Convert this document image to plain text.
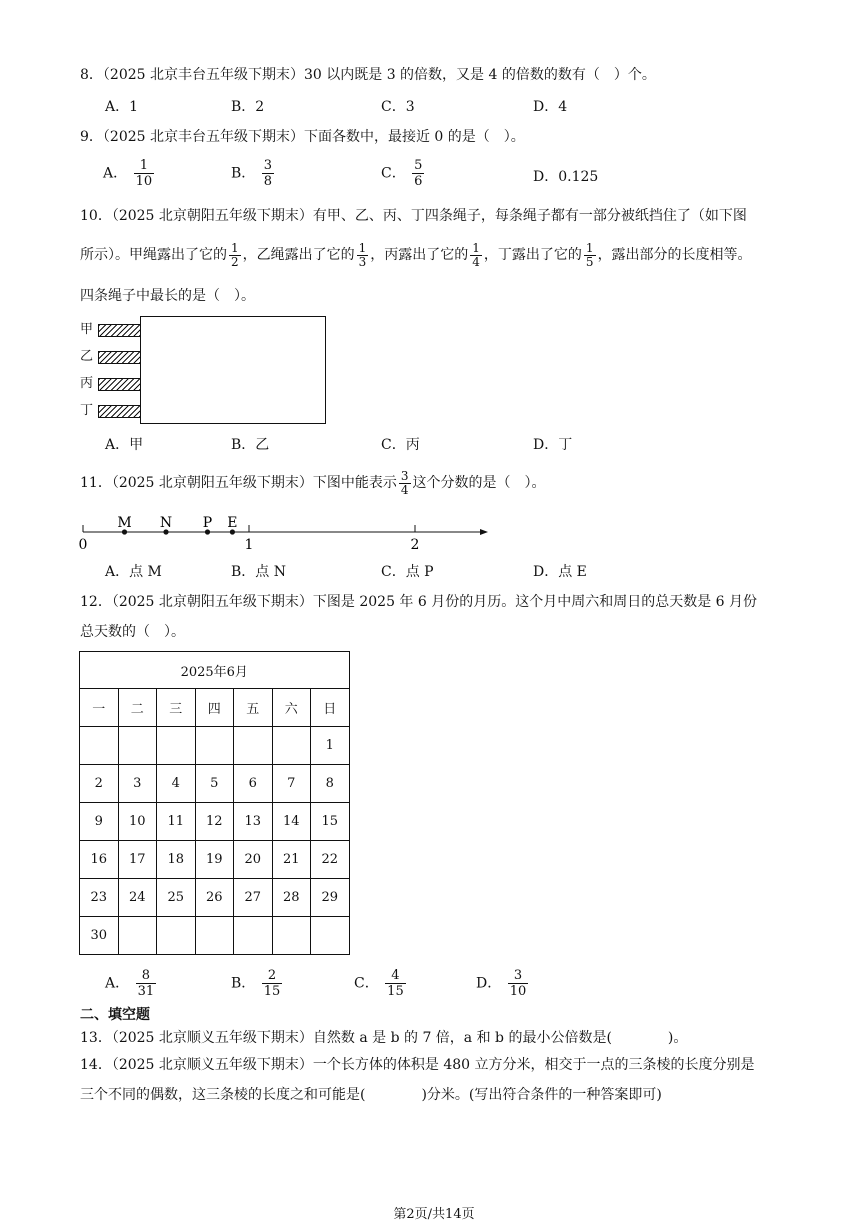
8．（2025 北京丰台五年级下期末）30 以内既是 3 的倍数，又是 4 的倍数的数有（　）个。
A．1	B．2	C．3	D．4
9．（2025 北京丰台五年级下期末）下面各数中，最接近 0 的是（　）。
A． $\frac{1}{10}$	B． $\frac{3}{8}$	C． $\frac{5}{6}$	D．0.125
10．（2025 北京朝阳五年级下期末）有甲、乙、丙、丁四条绳子，每条绳子都有一部分被纸挡住了（如下图
所示）。甲绳露出了它的 $\frac{1}{2}$ ，乙绳露出了它的 $\frac{1}{3}$ ，丙露出了它的 $\frac{1}{4}$ ，丁露出了它的 $\frac{1}{5}$ ，露出部分的长度相等。
四条绳子中最长的是（　）。
甲
乙
丙
丁
A．甲	B．乙	C．丙	D．丁
11．（2025 北京朝阳五年级下期末）下图中能表示 $\frac{3}{4}$ 这个分数的是（　）。
0	1	2
M N P E
A．点 M	B．点 N	C．点 P	D．点 E
12．（2025 北京朝阳五年级下期末）下图是 2025 年 6 月份的月历。这个月中周六和周日的总天数是 6 月份
总天数的（　）。
2025年6月						
一	二	三	四	五	六	日
						1
2	3	4	5	6	7	8
9	10	11	12	13	14	15
16	17	18	19	20	21	22
23	24	25	26	27	28	29
30						
A． $\frac{8}{31}$	B． $\frac{2}{15}$	C． $\frac{4}{15}$	D． $\frac{3}{10}$
二、填空题
13．（2025 北京顺义五年级下期末）自然数 a 是 b 的 7 倍，a 和 b 的最小公倍数是(　　　　)。
14．（2025 北京顺义五年级下期末）一个长方体的体积是 480 立方分米，相交于一点的三条棱的长度分别是
三个不同的偶数，这三条棱的长度之和可能是(　　　　)分米。(写出符合条件的一种答案即可)
第2页/共14页
